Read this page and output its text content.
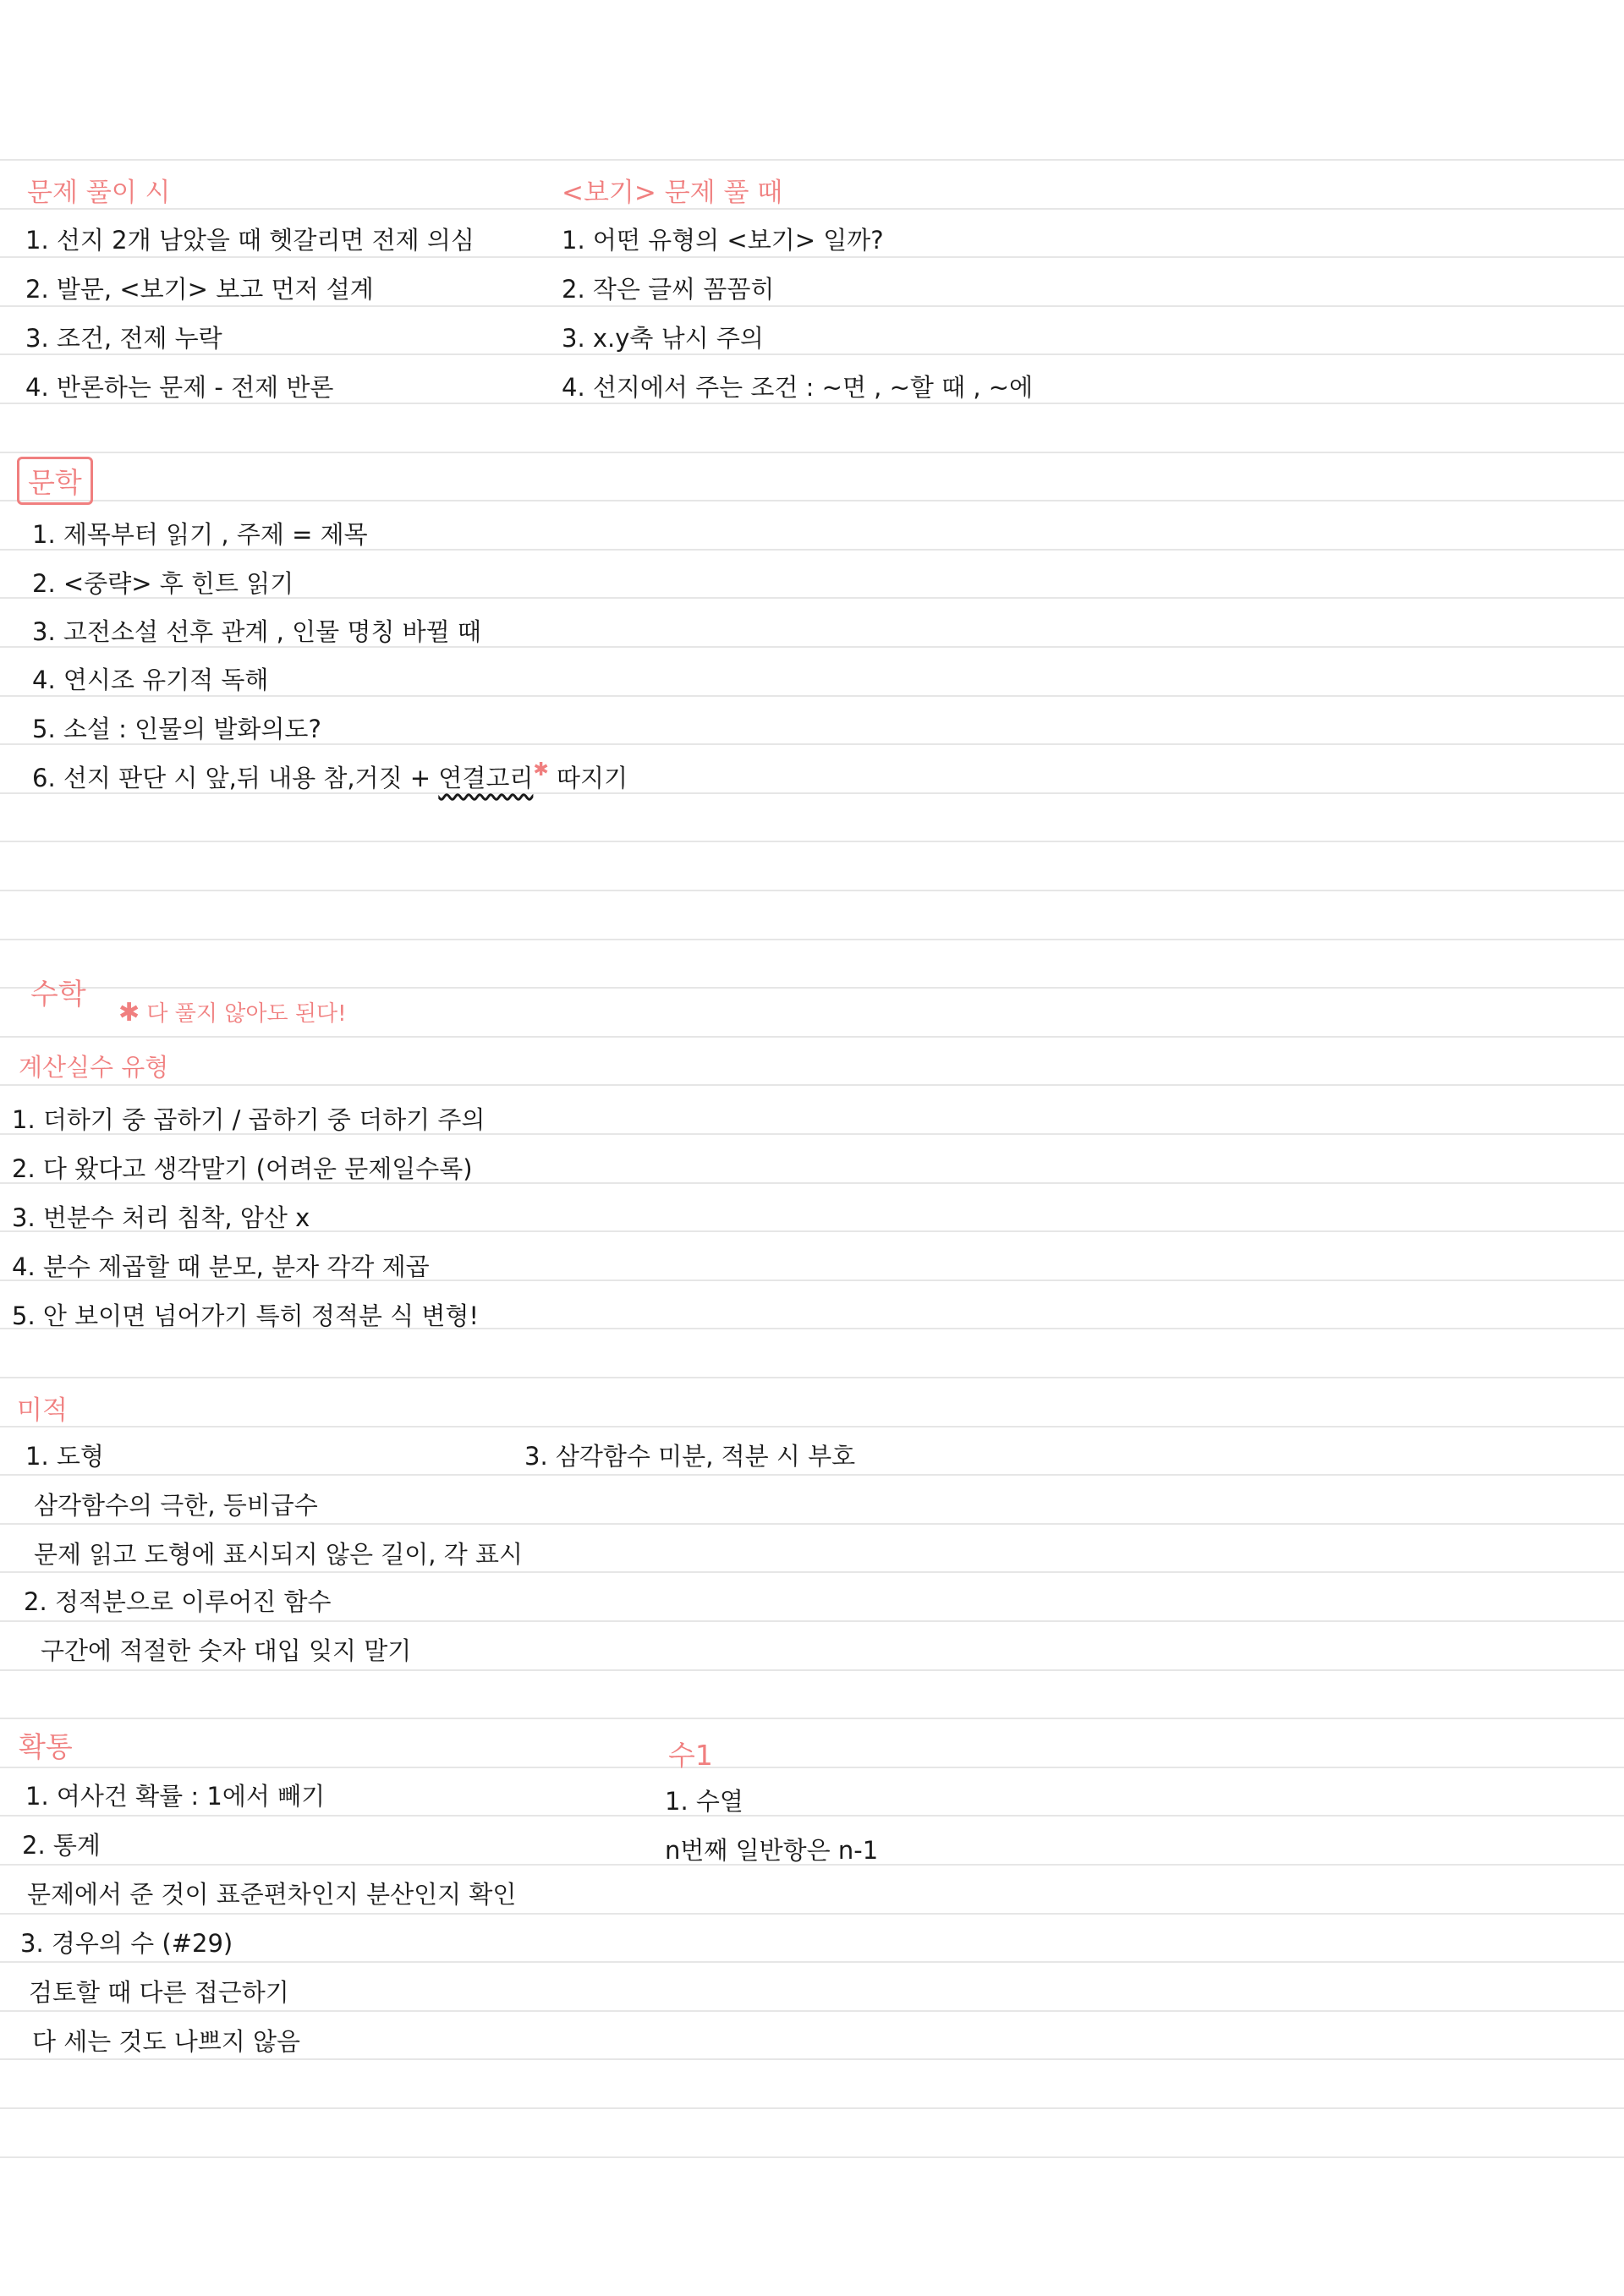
문제 풀이 시
1. 선지 2개 남았을 때 헷갈리면 전제 의심
2. 발문, <보기> 보고 먼저 설계
3. 조건, 전제 누락
4. 반론하는 문제 - 전제 반론
<보기> 문제 풀 때
1. 어떤 유형의 <보기> 일까?
2. 작은 글씨 꼼꼼히
3. x.y축 낚시 주의
4. 선지에서 주는 조건 : ~면 , ~할 때 , ~에
문학
1. 제목부터 읽기 , 주제 = 제목
2. <중략> 후 힌트 읽기
3. 고전소설 선후 관계 , 인물 명칭 바뀔 때
4. 연시조 유기적 독해
5. 소설 : 인물의 발화의도?
6. 선지 판단 시 앞,뒤 내용 참,거짓 + 연결고리✱ 따지기
수학
✱ 다 풀지 않아도 된다!
계산실수 유형
1. 더하기 중 곱하기 / 곱하기 중 더하기 주의
2. 다 왔다고 생각말기 (어려운 문제일수록)
3. 번분수 처리 침착, 암산 x
4. 분수 제곱할 때 분모, 분자 각각 제곱
5. 안 보이면 넘어가기 특히 정적분 식 변형!
미적
1. 도형
삼각함수의 극한, 등비급수
문제 읽고 도형에 표시되지 않은 길이, 각 표시
2. 정적분으로 이루어진 함수
구간에 적절한 숫자 대입 잊지 말기
3. 삼각함수 미분, 적분 시 부호
확통
1. 여사건 확률 : 1에서 빼기
2. 통계
문제에서 준 것이 표준편차인지 분산인지 확인
3. 경우의 수 (#29)
검토할 때 다른 접근하기
다 세는 것도 나쁘지 않음
수1
1. 수열
n번째 일반항은 n-1
